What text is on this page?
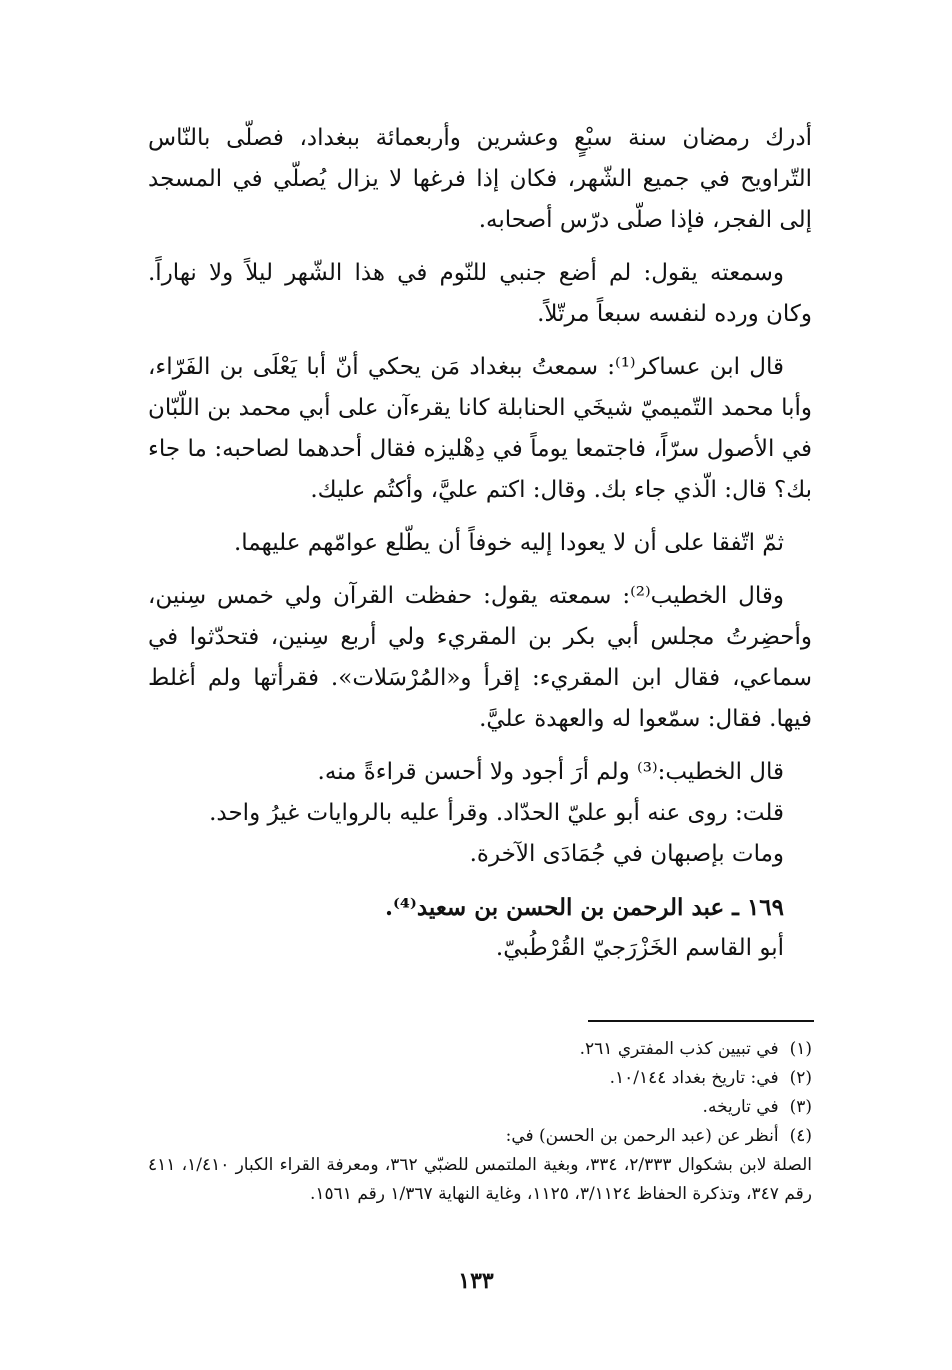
أدرك رمضان سنة سبْعٍ وعشرين وأربعمائة ببغداد، فصلّى بالنّاس التّراويح في جميع الشّهر، فكان إذا فرغها لا يزال يُصلّي في المسجد إلى الفجر، فإذا صلّى درّس أصحابه.

وسمعته يقول: لم أضع جنبي للنّوم في هذا الشّهر ليلاً ولا نهاراً. وكان ورده لنفسه سبعاً مرتّلاً.

قال ابن عساكر⁽¹⁾: سمعتُ ببغداد مَن يحكي أنّ أبا يَعْلَى بن الفَرّاء، وأبا محمد التّميميّ شيخَي الحنابلة كانا يقرءآن على أبي محمد بن اللّبّان في الأصول سرّاً، فاجتمعا يوماً في دِهْليزه فقال أحدهما لصاحبه: ما جاء بك؟ قال: الّذي جاء بك. وقال: اكتم عليَّ، وأكتُم عليك.

ثمّ اتّفقا على أن لا يعودا إليه خوفاً أن يطّلع عوامّهم عليهما.

وقال الخطيب⁽²⁾: سمعته يقول: حفظت القرآن ولي خمس سِنين، وأحضِرتُ مجلس أبي بكر بن المقريء ولي أربع سِنين، فتحدّثوا في سماعي، فقال ابن المقريء: إقرأ و«المُرْسَلات». فقرأتها ولم أغلط فيها. فقال: سمّعوا له والعهدة عليَّ.

قال الخطيب:⁽³⁾ ولم أرَ أجود ولا أحسن قراءةً منه.
قلت: روى عنه أبو عليّ الحدّاد. وقرأ عليه بالروايات غيرُ واحد.
ومات بإصبهان في جُمَادَى الآخرة.
١٦٩ ـ عبد الرحمن بن الحسن بن سعيد⁽⁴⁾.
أبو القاسم الخَزْرَجيّ القُرْطُبيّ.
(١) في تبيين كذب المفتري ٢٦١.
(٢) في: تاريخ بغداد ١٠/١٤٤.
(٣) في تاريخه.
(٤) أنظر عن (عبد الرحمن بن الحسن) في:
الصلة لابن بشكوال ٢/٣٣٣، ٣٣٤، وبغية الملتمس للضبّي ٣٦٢، ومعرفة القراء الكبار ١/٤١٠، ٤١١ رقم ٣٤٧، وتذكرة الحفاظ ٣/١١٢٤، ١١٢٥، وغاية النهاية ١/٣٦٧ رقم ١٥٦١.
١٣٣
